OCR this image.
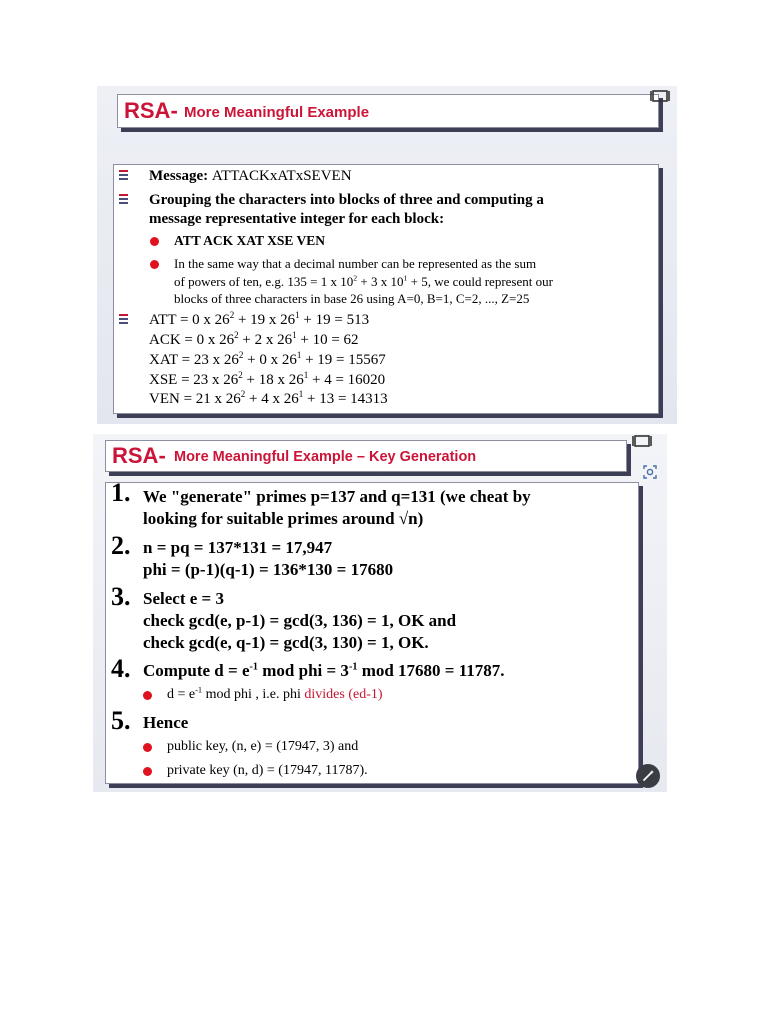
RSA- More Meaningful Example
Message: ATTACKxATxSEVEN
Grouping the characters into blocks of three and computing a
message representative integer for each block:
ATT ACK XAT XSE VEN
In the same way that a decimal number can be represented as the sum
of powers of ten, e.g. 135 = 1 x $10^2 + 3$ x $10^1 + 5$, we could represent our
blocks of three characters in base 26 using A=0, B=1, C=2, ..., Z=25
ATT = 0 x $26^2 + 19$ x $26^1 + 19 = 513$
ACK = 0 x $26^2 + 2$ x $26^1 + 10 = 62$
XAT = 23 x $26^2 + 0$ x $26^1 + 19 = 15567$
XSE = 23 x $26^2 + 18$ x $26^1 + 4 = 16020$
VEN = 21 x $26^2 + 4$ x $26^1 + 13 = 14313$
RSA- More Meaningful Example – Key Generation
1. We "generate" primes p=137 and q=131 (we cheat by
looking for suitable primes around √n)
2. n = pq = 137*131 = 17,947
phi = (p-1)(q-1) = 136*130 = 17680
3. Select e = 3
check gcd(e, p-1) = gcd(3, 136) = 1, OK and
check gcd(e, q-1) = gcd(3, 130) = 1, OK.
4. Compute $d = e^{-1}$ mod phi = $3^{-1}$ mod 17680 = 11787.
$d = e^{-1}$ mod phi , i.e. phi divides (ed-1)
5. Hence
public key, (n, e) = (17947, 3) and
private key (n, d) = (17947, 11787).
